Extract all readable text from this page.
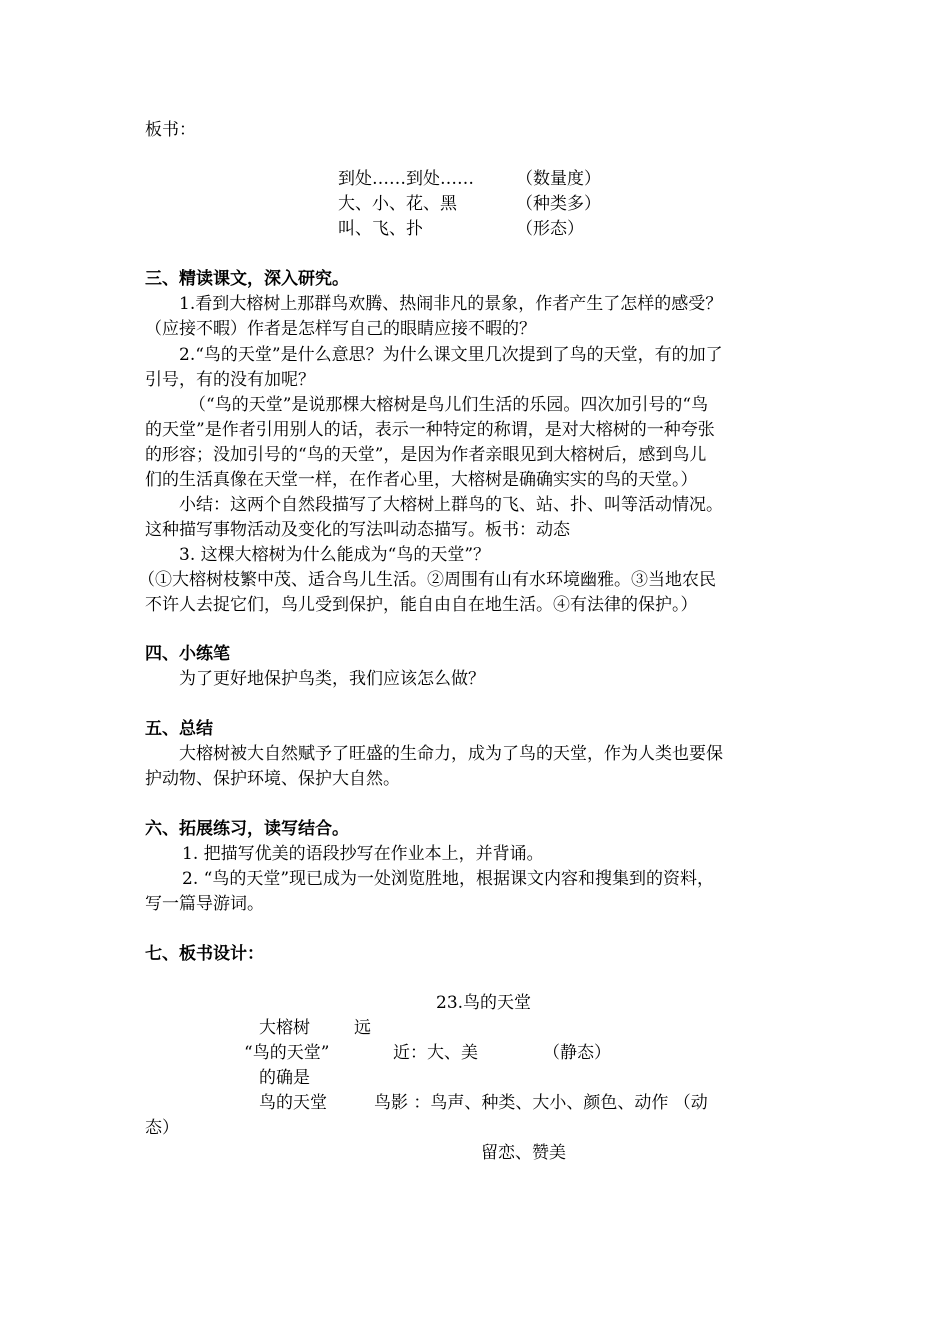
板书：
到处……到处…… （数量度）
大、小、花、黑	（种类多）
叫、飞、扑	（形态）
三、精读课文，深入研究。
1.看到大榕树上那群鸟欢腾、热闹非凡的景象，作者产生了怎样的感受？
（应接不暇）作者是怎样写自己的眼睛应接不暇的？
2.“鸟的天堂”是什么意思？为什么课文里几次提到了鸟的天堂，有的加了
引号，有的没有加呢？
（“鸟的天堂”是说那棵大榕树是鸟儿们生活的乐园。四次加引号的“鸟
的天堂”是作者引用别人的话，表示一种特定的称谓，是对大榕树的一种夸张
的形容；没加引号的“鸟的天堂”，是因为作者亲眼见到大榕树后，感到鸟儿
们的生活真像在天堂一样，在作者心里，大榕树是确确实实的鸟的天堂。）
小结：这两个自然段描写了大榕树上群鸟的飞、站、扑、叫等活动情况。
这种描写事物活动及变化的写法叫动态描写。板书：动态
3. 这棵大榕树为什么能成为“鸟的天堂”？
（①大榕树枝繁中茂、适合鸟儿生活。②周围有山有水环境幽雅。③当地农民
不许人去捉它们，鸟儿受到保护，能自由自在地生活。④有法律的保护。）
四、小练笔
为了更好地保护鸟类，我们应该怎么做？
五、总结
大榕树被大自然赋予了旺盛的生命力，成为了鸟的天堂，作为人类也要保
护动物、保护环境、保护大自然。
六、拓展练习，读写结合。
1. 把描写优美的语段抄写在作业本上，并背诵。
2. “鸟的天堂”现已成为一处浏览胜地，根据课文内容和搜集到的资料，
写一篇导游词。
七、板书设计：
23.鸟的天堂
大榕树	远
“鸟的天堂”	近：大、美	（静态）
的确是
鸟的天堂	鸟影 ：鸟声、种类、大小、颜色、动作 （动
态）
留恋、赞美
